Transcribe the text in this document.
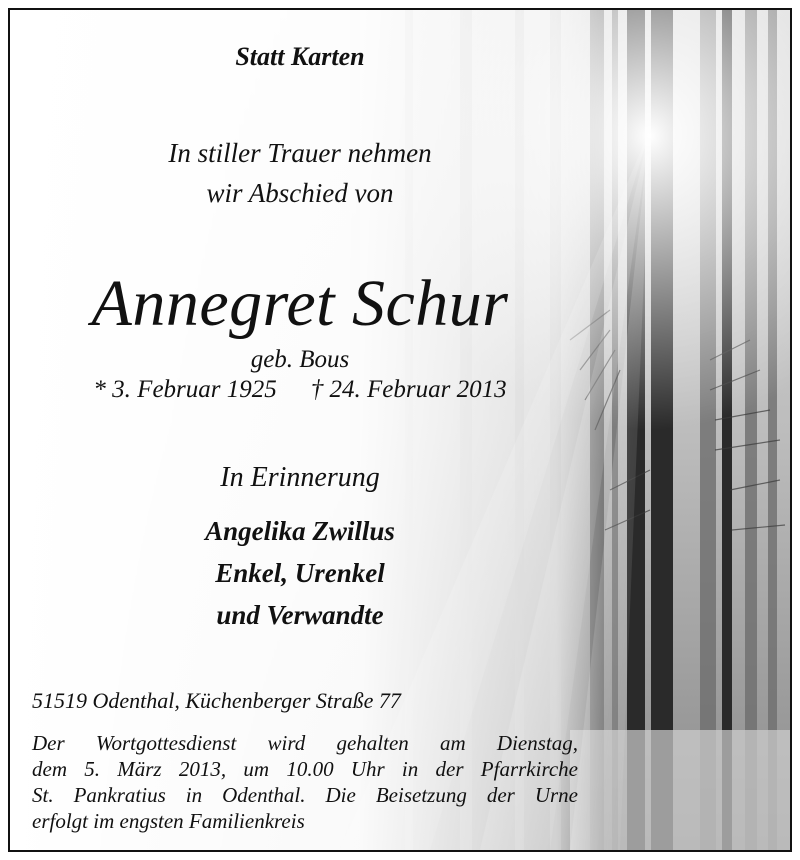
Statt Karten
In stiller Trauer nehmen
wir Abschied von
Annegret Schur
geb. Bous
* 3. Februar 1925 † 24. Februar 2013
In Erinnerung
Angelika Zwillus
Enkel, Urenkel
und Verwandte
51519 Odenthal, Küchenberger Straße 77
Der Wortgottesdienst wird gehalten am Dienstag,
dem 5. März 2013, um 10.00 Uhr in der Pfarrkirche
St. Pankratius in Odenthal. Die Beisetzung der Urne
erfolgt im engsten Familienkreis
